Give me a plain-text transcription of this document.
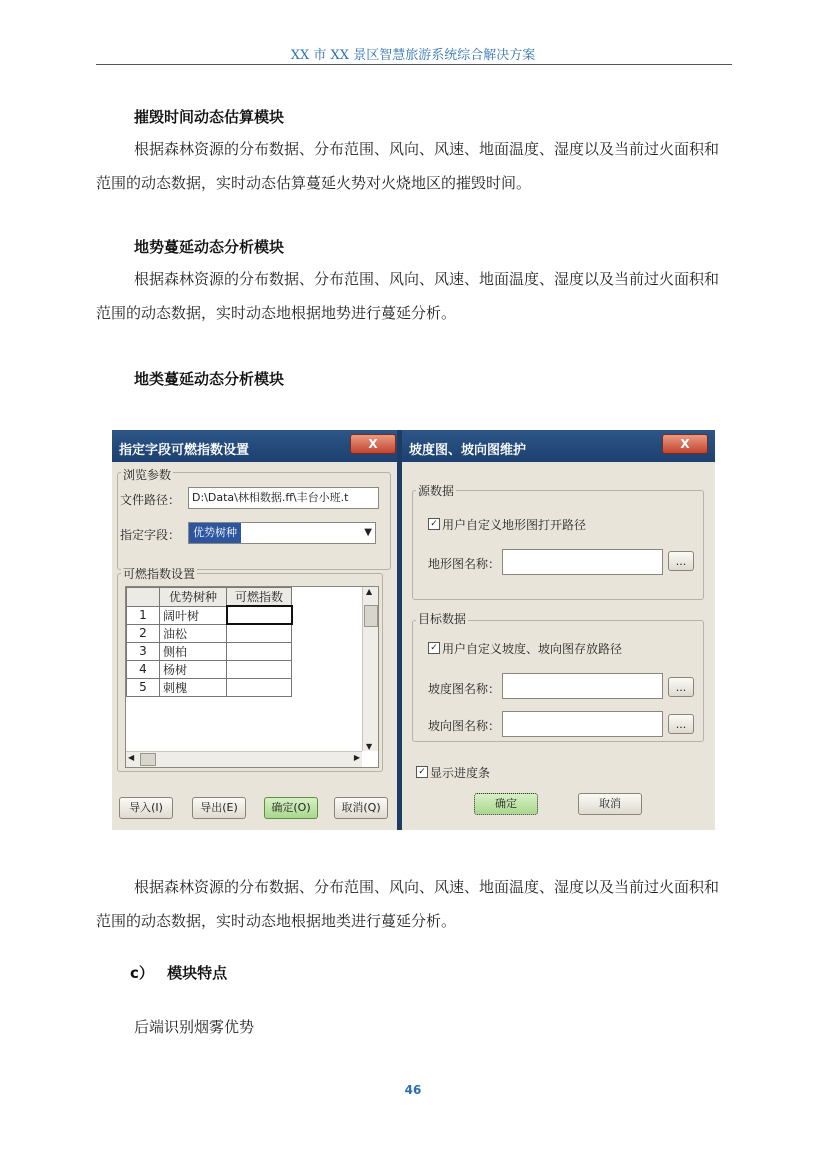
XX 市 XX 景区智慧旅游系统综合解决方案
摧毁时间动态估算模块
根据森林资源的分布数据、分布范围、风向、风速、地面温度、湿度以及当前过火面积和范围的动态数据，实时动态估算蔓延火势对火烧地区的摧毁时间。
地势蔓延动态分析模块
根据森林资源的分布数据、分布范围、风向、风速、地面温度、湿度以及当前过火面积和范围的动态数据，实时动态地根据地势进行蔓延分析。
地类蔓延动态分析模块
指定字段可燃指数设置	X
浏览参数
文件路径：	D:\Data\林相数据.ff\丰台小班.t
指定字段：	优势树种	▼
可燃指数设置
	优势树种	可燃指数
1	阔叶树	
2	油松	
3	侧柏	
4	杨树	
5	刺槐	
▲
▼
◀	▶
导入(I)	导出(E)	确定(O)	取消(Q)
坡度图、坡向图维护	X
源数据
✓ 用户自定义地形图打开路径
地形图名称：	...
目标数据
✓ 用户自定义坡度、坡向图存放路径
坡度图名称：	...
坡向图名称：	...
✓ 显示进度条
确定	取消
根据森林资源的分布数据、分布范围、风向、风速、地面温度、湿度以及当前过火面积和范围的动态数据，实时动态地根据地类进行蔓延分析。
c） 模块特点
后端识别烟雾优势
46
